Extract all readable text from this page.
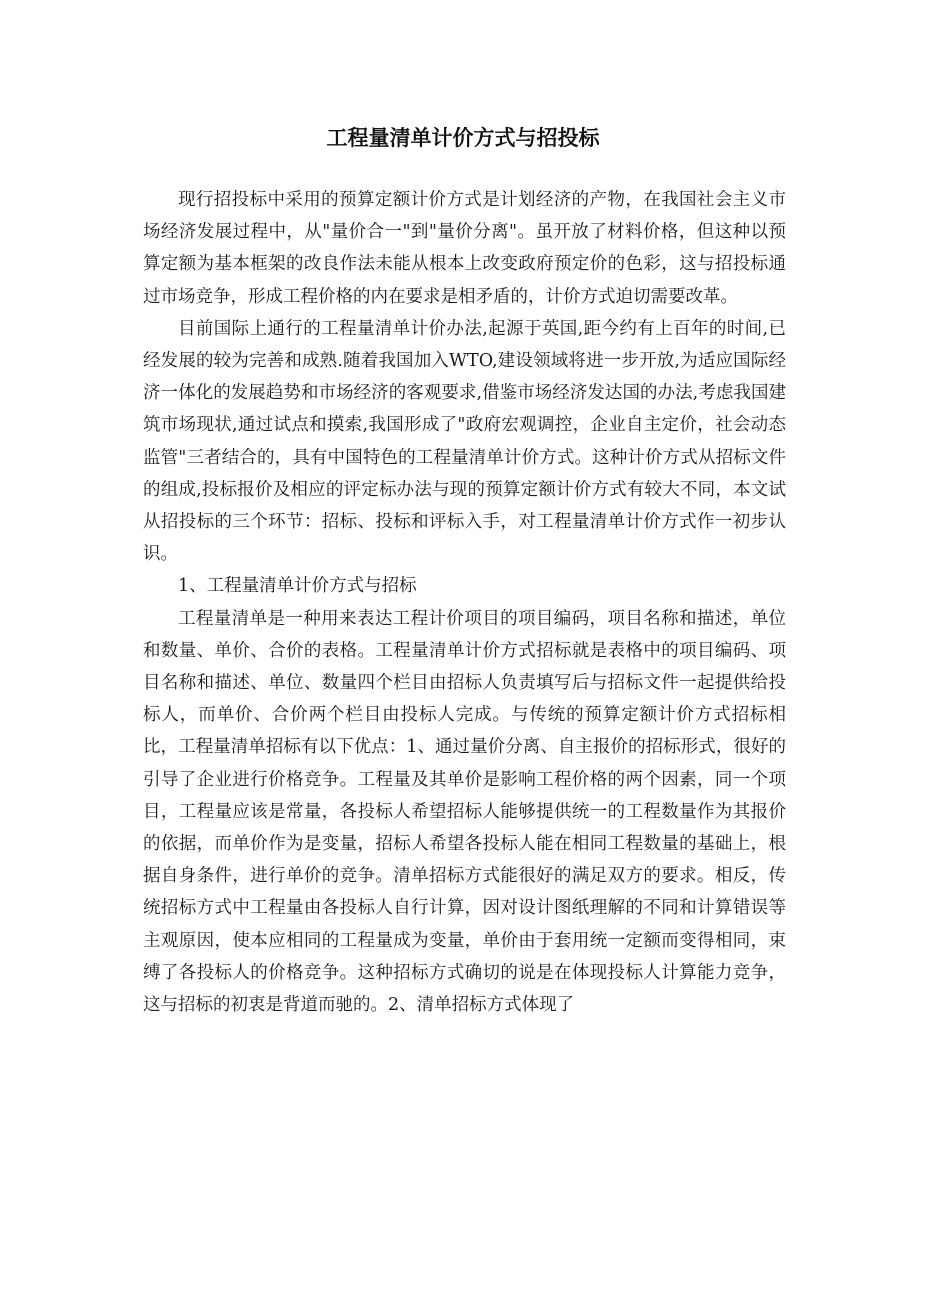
工程量清单计价方式与招投标

现行招投标中采用的预算定额计价方式是计划经济的产物，在我国社会主义市场经济发展过程中，从"量价合一"到"量价分离"。虽开放了材料价格，但这种以预算定额为基本框架的改良作法未能从根本上改变政府预定价的色彩，这与招投标通过市场竞争，形成工程价格的内在要求是相矛盾的，计价方式迫切需要改革。

目前国际上通行的工程量清单计价办法,起源于英国,距今约有上百年的时间,已经发展的较为完善和成熟.随着我国加入WTO,建设领域将进一步开放,为适应国际经济一体化的发展趋势和市场经济的客观要求,借鉴市场经济发达国的办法,考虑我国建筑市场现状,通过试点和摸索,我国形成了"政府宏观调控，企业自主定价，社会动态监管"三者结合的，具有中国特色的工程量清单计价方式。这种计价方式从招标文件的组成,投标报价及相应的评定标办法与现的预算定额计价方式有较大不同，本文试从招投标的三个环节：招标、投标和评标入手，对工程量清单计价方式作一初步认识。

1、工程量清单计价方式与招标

工程量清单是一种用来表达工程计价项目的项目编码，项目名称和描述，单位和数量、单价、合价的表格。工程量清单计价方式招标就是表格中的项目编码、项目名称和描述、单位、数量四个栏目由招标人负责填写后与招标文件一起提供给投标人，而单价、合价两个栏目由投标人完成。与传统的预算定额计价方式招标相比，工程量清单招标有以下优点：1、通过量价分离、自主报价的招标形式，很好的引导了企业进行价格竞争。工程量及其单价是影响工程价格的两个因素，同一个项目，工程量应该是常量，各投标人希望招标人能够提供统一的工程数量作为其报价的依据，而单价作为是变量，招标人希望各投标人能在相同工程数量的基础上，根据自身条件，进行单价的竞争。清单招标方式能很好的满足双方的要求。相反，传统招标方式中工程量由各投标人自行计算，因对设计图纸理解的不同和计算错误等主观原因，使本应相同的工程量成为变量，单价由于套用统一定额而变得相同，束缚了各投标人的价格竞争。这种招标方式确切的说是在体现投标人计算能力竞争，这与招标的初衷是背道而驰的。2、清单招标方式体现了
